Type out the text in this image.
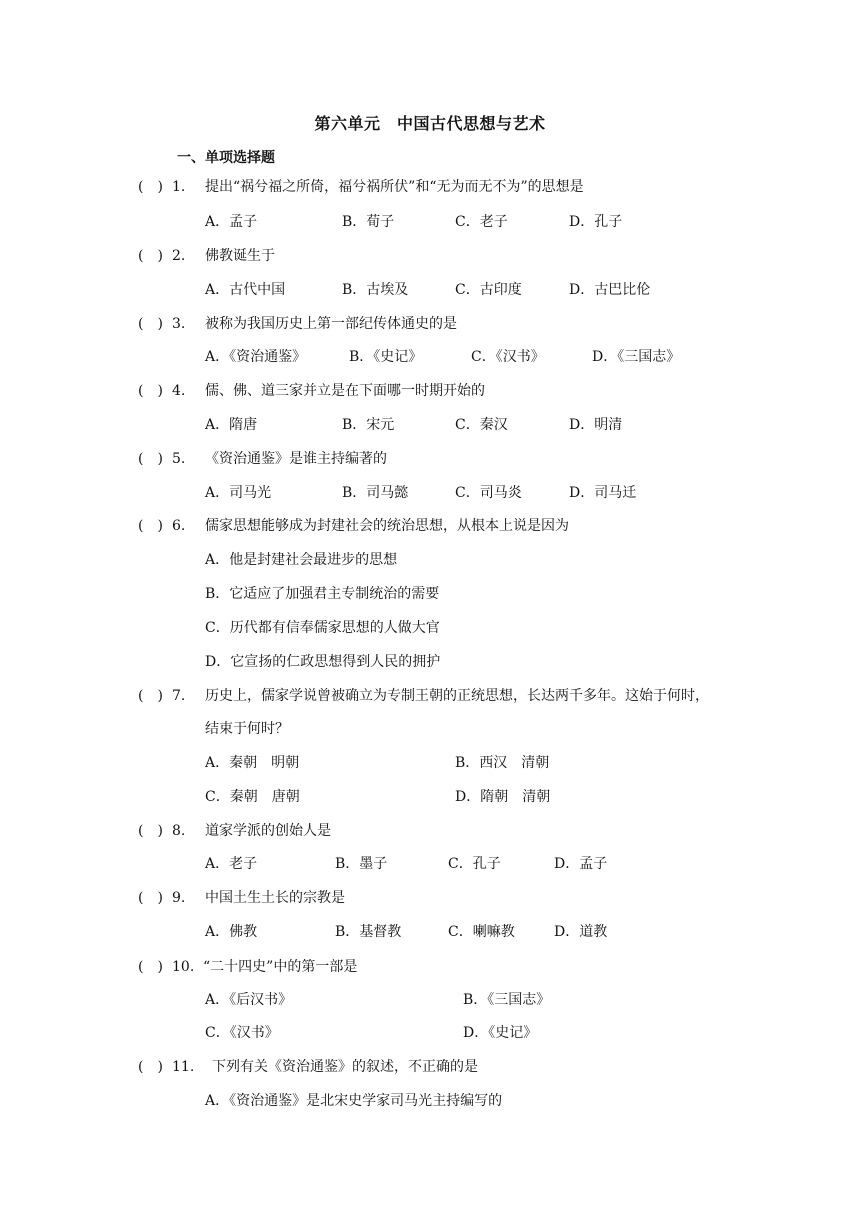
第六单元　中国古代思想与艺术
一、单项选择题
(　) 1. 提出“祸兮福之所倚，福兮祸所伏”和“无为而无不为”的思想是
A．孟子	B．荀子	C．老子	D．孔子
(　) 2. 佛教诞生于
A．古代中国	B．古埃及	C．古印度	D．古巴比伦
(　) 3. 被称为我国历史上第一部纪传体通史的是
A．《资治通鉴》	B．《史记》	C．《汉书》	D．《三国志》
(　) 4. 儒、佛、道三家并立是在下面哪一时期开始的
A．隋唐	B．宋元	C．秦汉	D．明清
(　) 5. 《资治通鉴》是谁主持编著的
A．司马光	B．司马懿	C．司马炎	D．司马迁
(　) 6. 儒家思想能够成为封建社会的统治思想，从根本上说是因为
A．他是封建社会最进步的思想
B．它适应了加强君主专制统治的需要
C．历代都有信奉儒家思想的人做大官
D．它宣扬的仁政思想得到人民的拥护
(　) 7. 历史上，儒家学说曾被确立为专制王朝的正统思想，长达两千多年。这始于何时，
结束于何时？
A．秦朝　明朝	B．西汉　清朝
C．秦朝　唐朝	D．隋朝　清朝
(　) 8. 道家学派的创始人是
A．老子	B．墨子	C．孔子	D．孟子
(　) 9. 中国土生土长的宗教是
A．佛教	B．基督教	C．喇嘛教	D．道教
(　) 10. “二十四史”中的第一部是
A．《后汉书》	B．《三国志》
C．《汉书》	D．《史记》
(　) 11. 下列有关《资治通鉴》的叙述，不正确的是
A．《资治通鉴》是北宋史学家司马光主持编写的
